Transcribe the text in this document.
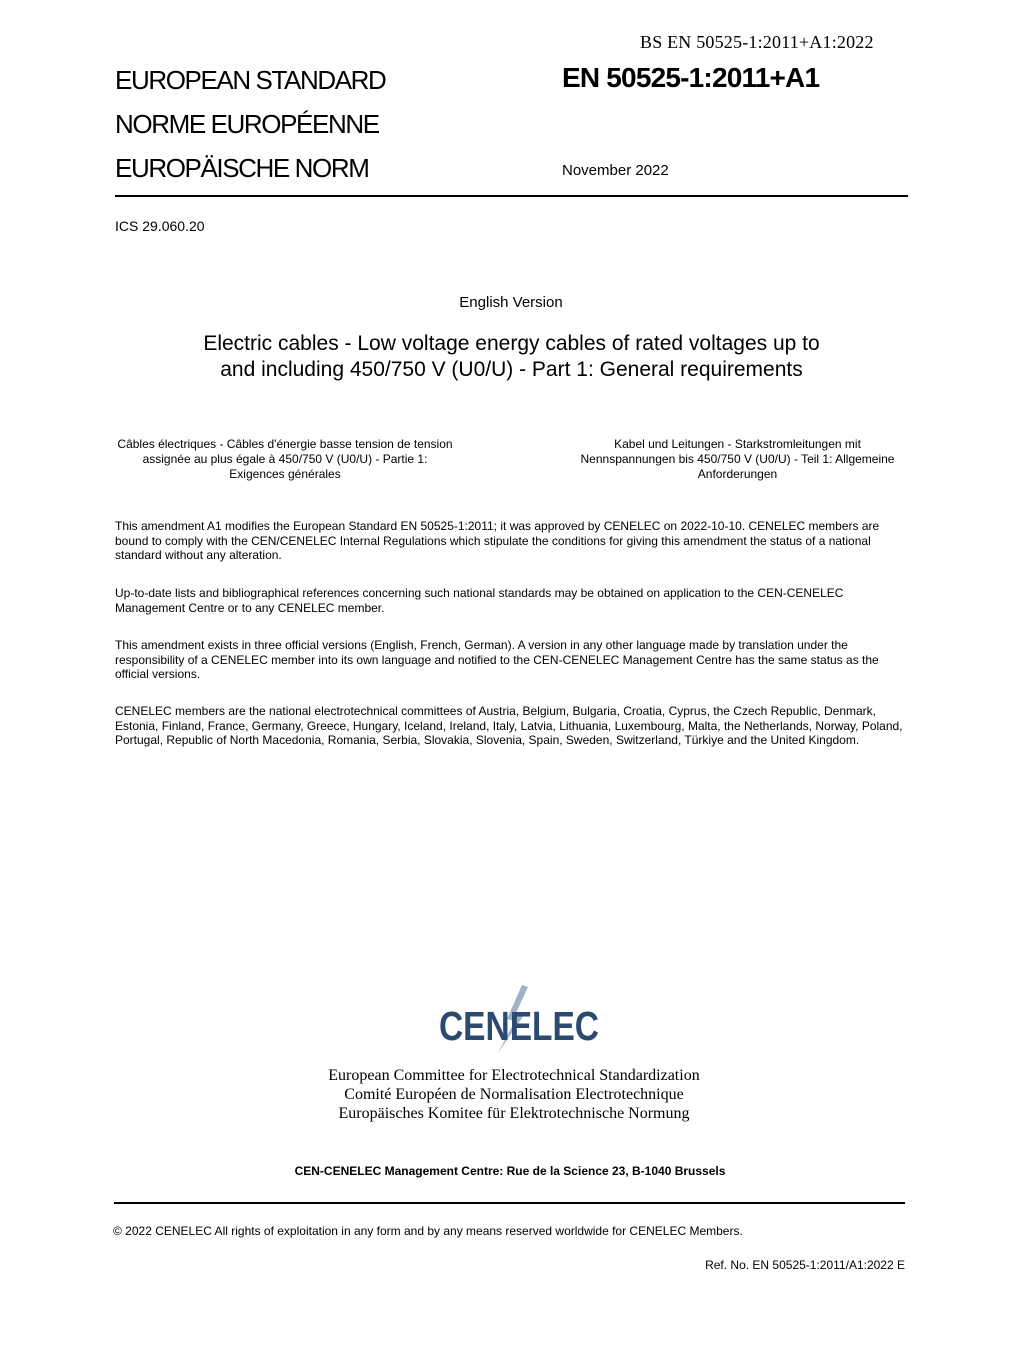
BS EN 50525-1:2011+A1:2022
EUROPEAN STANDARD
NORME EUROPÉENNE
EUROPÄISCHE NORM
EN 50525-1:2011+A1
November 2022
ICS 29.060.20
English Version
Electric cables - Low voltage energy cables of rated voltages up to and including 450/750 V (U0/U) - Part 1: General requirements
Câbles électriques - Câbles d'énergie basse tension de tension assignée au plus égale à 450/750 V (U0/U) - Partie 1: Exigences générales
Kabel und Leitungen - Starkstromleitungen mit Nennspannungen bis 450/750 V (U0/U) - Teil 1: Allgemeine Anforderungen
This amendment A1 modifies the European Standard EN 50525-1:2011; it was approved by CENELEC on 2022-10-10. CENELEC members are bound to comply with the CEN/CENELEC Internal Regulations which stipulate the conditions for giving this amendment the status of a national standard without any alteration.
Up-to-date lists and bibliographical references concerning such national standards may be obtained on application to the CEN-CENELEC Management Centre or to any CENELEC member.
This amendment exists in three official versions (English, French, German). A version in any other language made by translation under the responsibility of a CENELEC member into its own language and notified to the CEN-CENELEC Management Centre has the same status as the official versions.
CENELEC members are the national electrotechnical committees of Austria, Belgium, Bulgaria, Croatia, Cyprus, the Czech Republic, Denmark, Estonia, Finland, France, Germany, Greece, Hungary, Iceland, Ireland, Italy, Latvia, Lithuania, Luxembourg, Malta, the Netherlands, Norway, Poland, Portugal, Republic of North Macedonia, Romania, Serbia, Slovakia, Slovenia, Spain, Sweden, Switzerland, Türkiye and the United Kingdom.
CENELEC
European Committee for Electrotechnical Standardization
Comité Européen de Normalisation Electrotechnique
Europäisches Komitee für Elektrotechnische Normung
CEN-CENELEC Management Centre: Rue de la Science 23, B-1040 Brussels
© 2022 CENELEC All rights of exploitation in any form and by any means reserved worldwide for CENELEC Members.
Ref. No. EN 50525-1:2011/A1:2022 E
